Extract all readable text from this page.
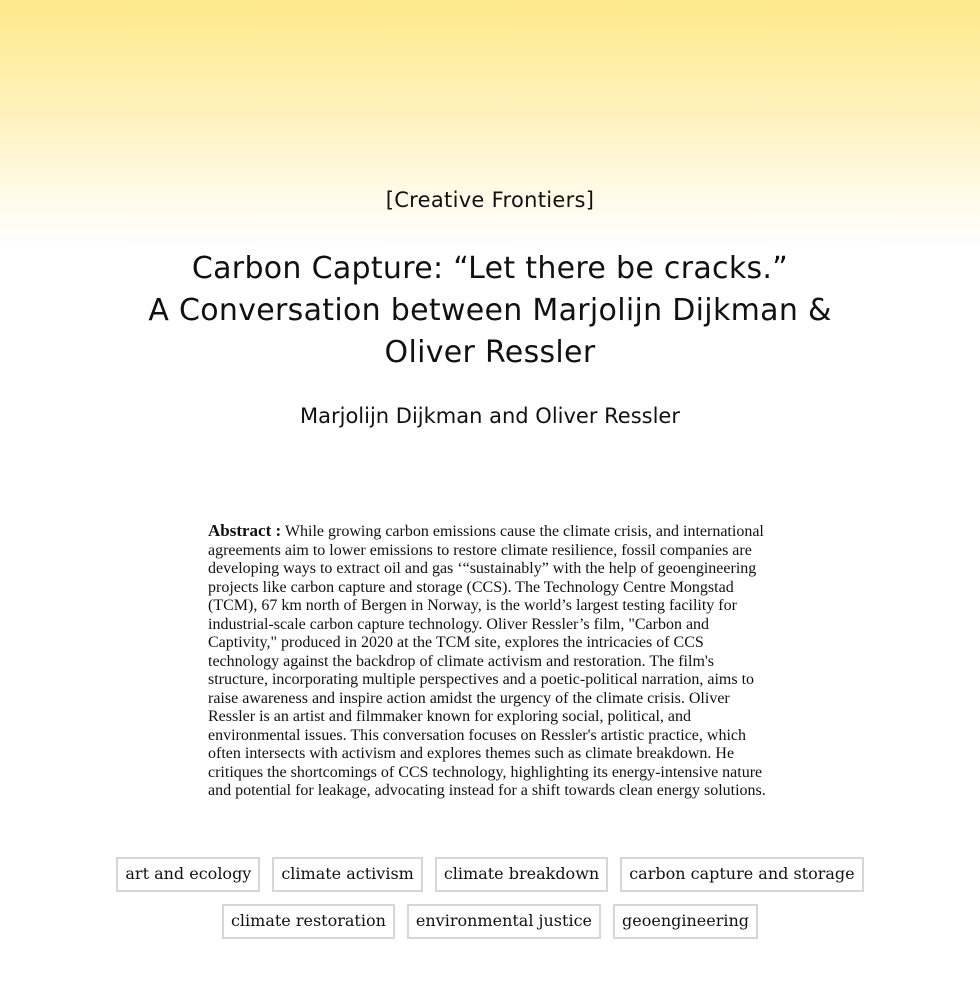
[Creative Frontiers]
Carbon Capture: “Let there be cracks.”
A Conversation between Marjolijn Dijkman &
Oliver Ressler
Marjolijn Dijkman and Oliver Ressler
Abstract : While growing carbon emissions cause the climate crisis, and international agreements aim to lower emissions to restore climate resilience, fossil companies are developing ways to extract oil and gas ‘“sustainably” with the help of geoengineering projects like carbon capture and storage (CCS). The Technology Centre Mongstad (TCM), 67 km north of Bergen in Norway, is the world’s largest testing facility for industrial-scale carbon capture technology. Oliver Ressler’s film, "Carbon and Captivity," produced in 2020 at the TCM site, explores the intricacies of CCS technology against the backdrop of climate activism and restoration. The film's structure, incorporating multiple perspectives and a poetic-political narration, aims to raise awareness and inspire action amidst the urgency of the climate crisis. Oliver Ressler is an artist and filmmaker known for exploring social, political, and environmental issues. This conversation focuses on Ressler's artistic practice, which often intersects with activism and explores themes such as climate breakdown. He critiques the shortcomings of CCS technology, highlighting its energy-intensive nature and potential for leakage, advocating instead for a shift towards clean energy solutions.
art and ecology	climate activism	climate breakdown	carbon capture and storage
climate restoration	environmental justice	geoengineering
